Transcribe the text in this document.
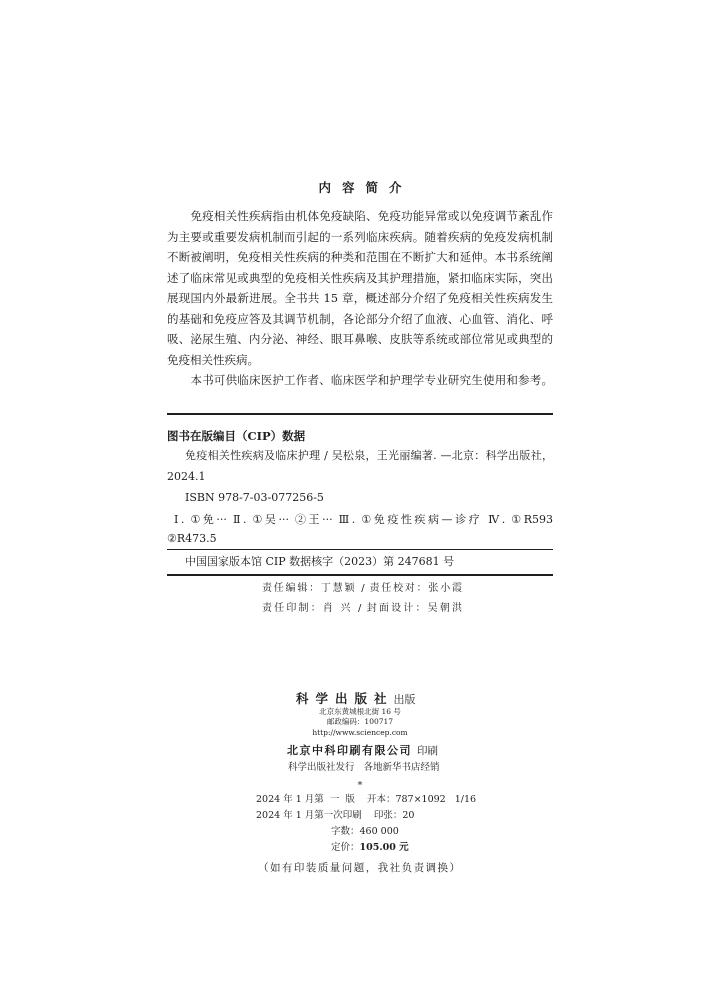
内容简介
免疫相关性疾病指由机体免疫缺陷、免疫功能异常或以免疫调节紊乱作
为主要或重要发病机制而引起的一系列临床疾病。随着疾病的免疫发病机制
不断被阐明，免疫相关性疾病的种类和范围在不断扩大和延伸。本书系统阐
述了临床常见或典型的免疫相关性疾病及其护理措施，紧扣临床实际，突出
展现国内外最新进展。全书共 15 章，概述部分介绍了免疫相关性疾病发生
的基础和免疫应答及其调节机制，各论部分介绍了血液、心血管、消化、呼
吸、泌尿生殖、内分泌、神经、眼耳鼻喉、皮肤等系统或部位常见或典型的
免疫相关性疾病。
本书可供临床医护工作者、临床医学和护理学专业研究生使用和参考。
图书在版编目（CIP）数据
免疫相关性疾病及临床护理 / 吴松泉，王光丽编著. —北京：科学出版社，
2024.1
ISBN 978-7-03-077256-5
Ⅰ. ①免··· Ⅱ. ①吴··· ②王··· Ⅲ. ①免疫性疾病—诊疗 Ⅳ. ①R593
②R473.5
中国国家版本馆 CIP 数据核字（2023）第 247681 号
责任编辑：丁慧颖 / 责任校对：张小霞
责任印制：肖 兴 / 封面设计：吴朝洪
科学出版社出版
北京东黄城根北街 16 号
邮政编码：100717
http://www.sciencep.com
北京中科印刷有限公司 印刷
科学出版社发行   各地新华书店经销
*
2024 年 1 月第  一  版    开本：787×1092   1/16
2024 年 1 月第一次印刷    印张：20
字数：460 000
定价：105.00 元
（如有印装质量问题，我社负责调换）
